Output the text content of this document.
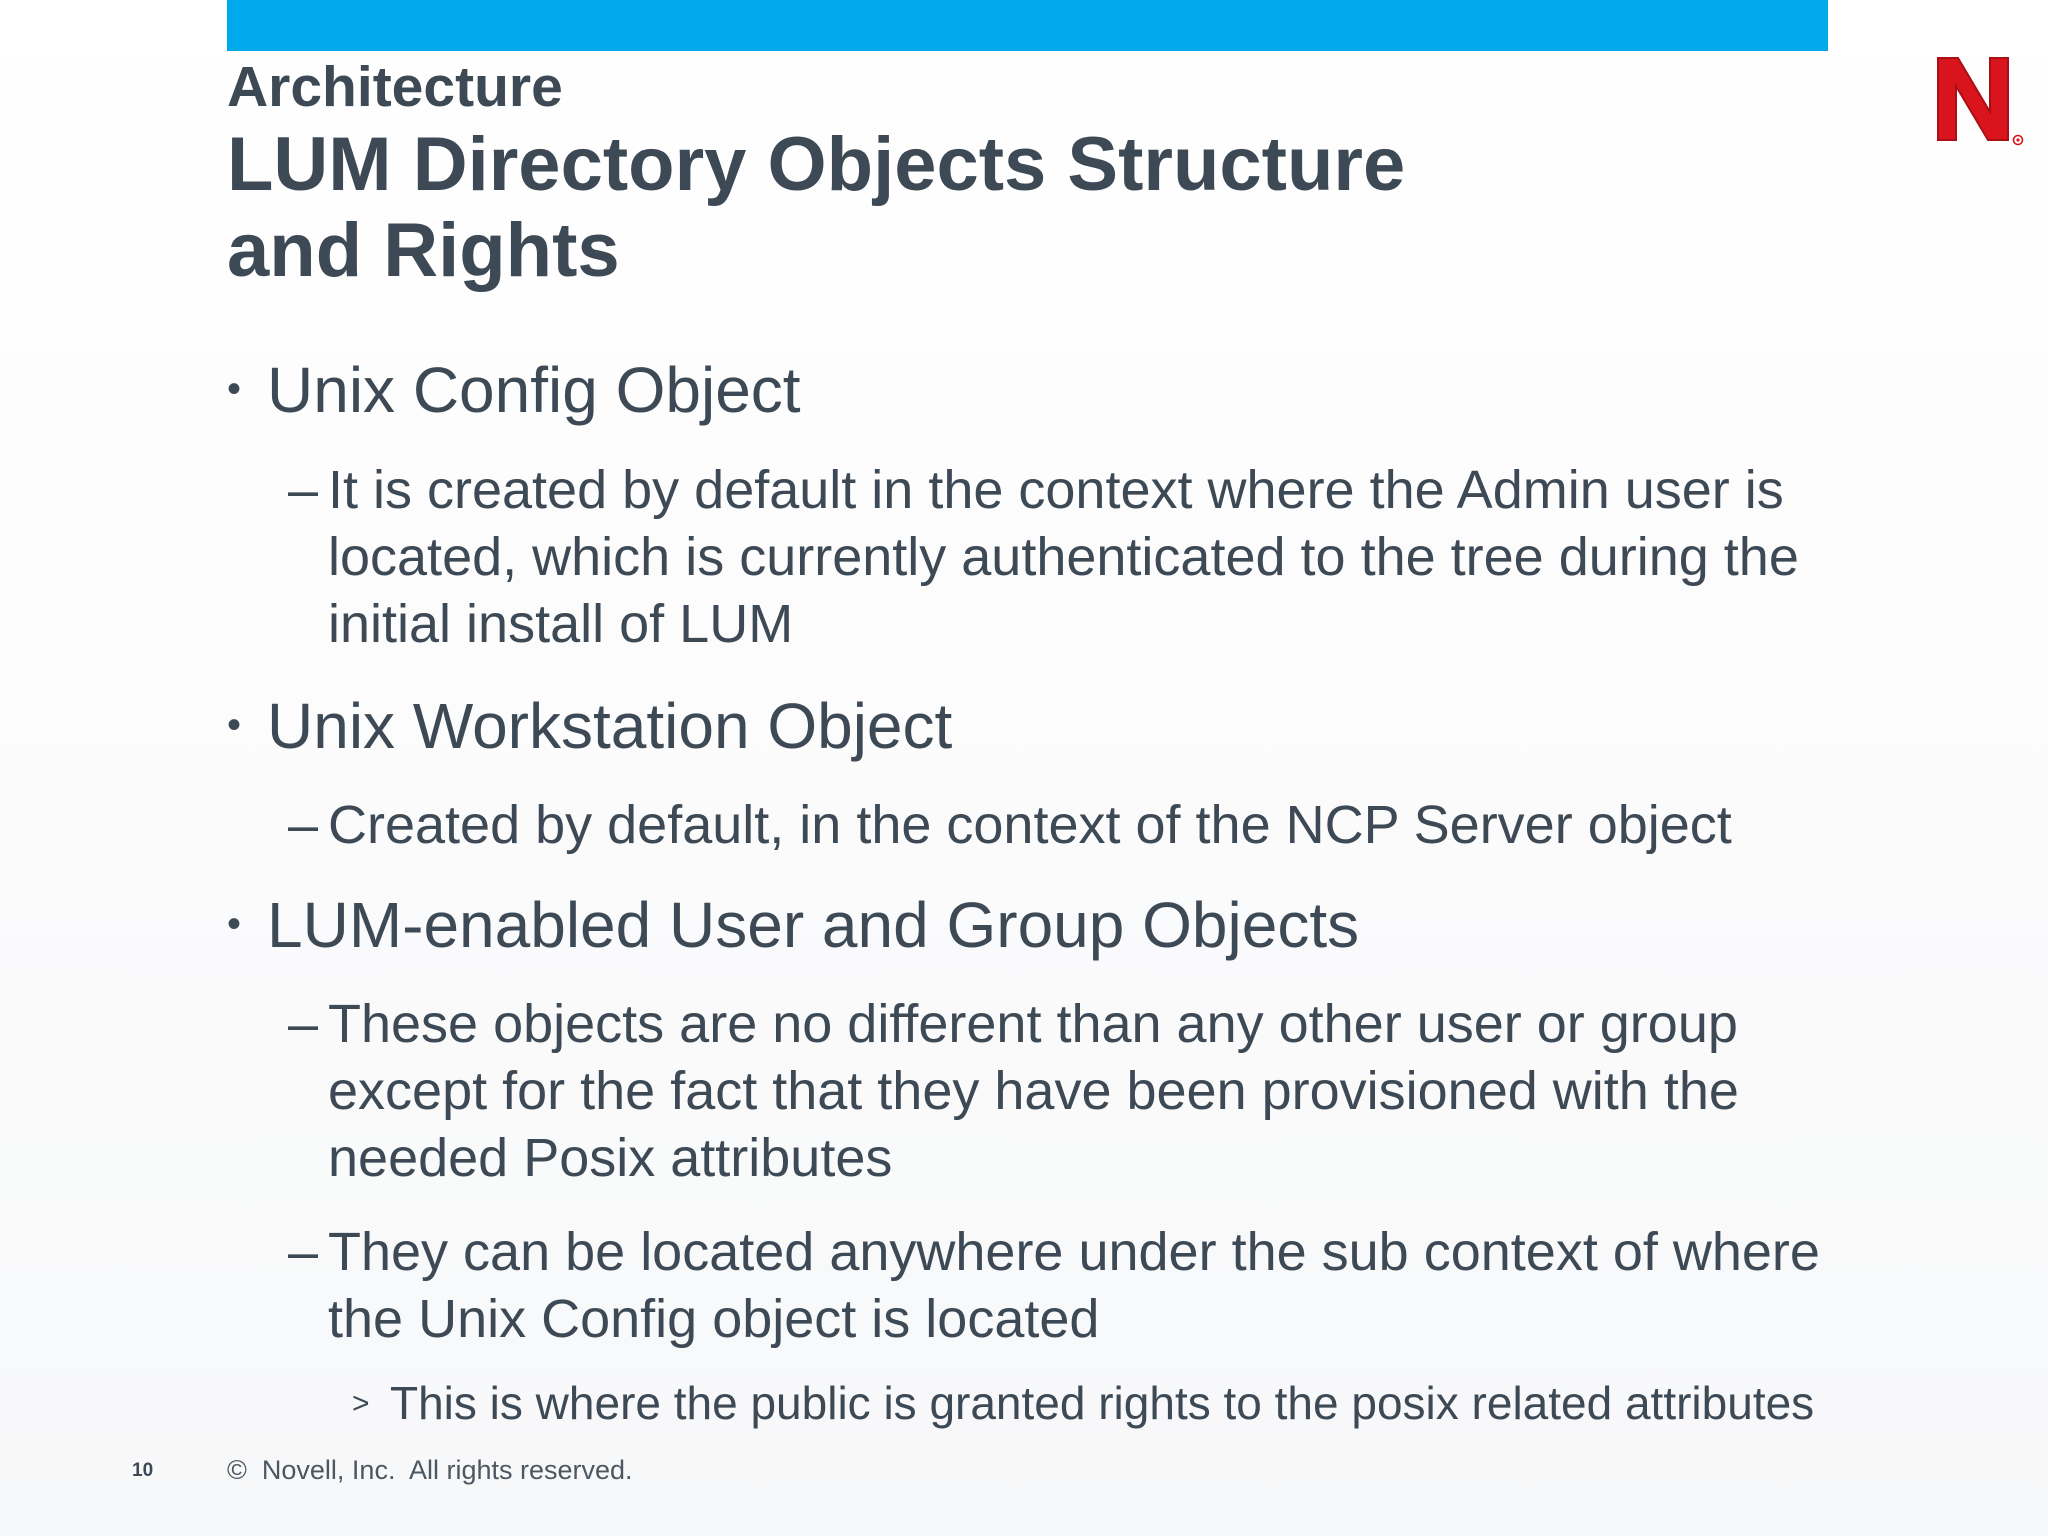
Architecture
LUM Directory Objects Structure
and Rights
• Unix Config Object
– It is created by default in the context where the Admin user is
located, which is currently authenticated to the tree during the
initial install of LUM
• Unix Workstation Object
– Created by default, in the context of the NCP Server object
• LUM-enabled User and Group Objects
– These objects are no different than any other user or group
except for the fact that they have been provisioned with the
needed Posix attributes
– They can be located anywhere under the sub context of where
the Unix Config object is located
> This is where the public is granted rights to the posix related attributes
10	©  Novell, Inc.  All rights reserved.
